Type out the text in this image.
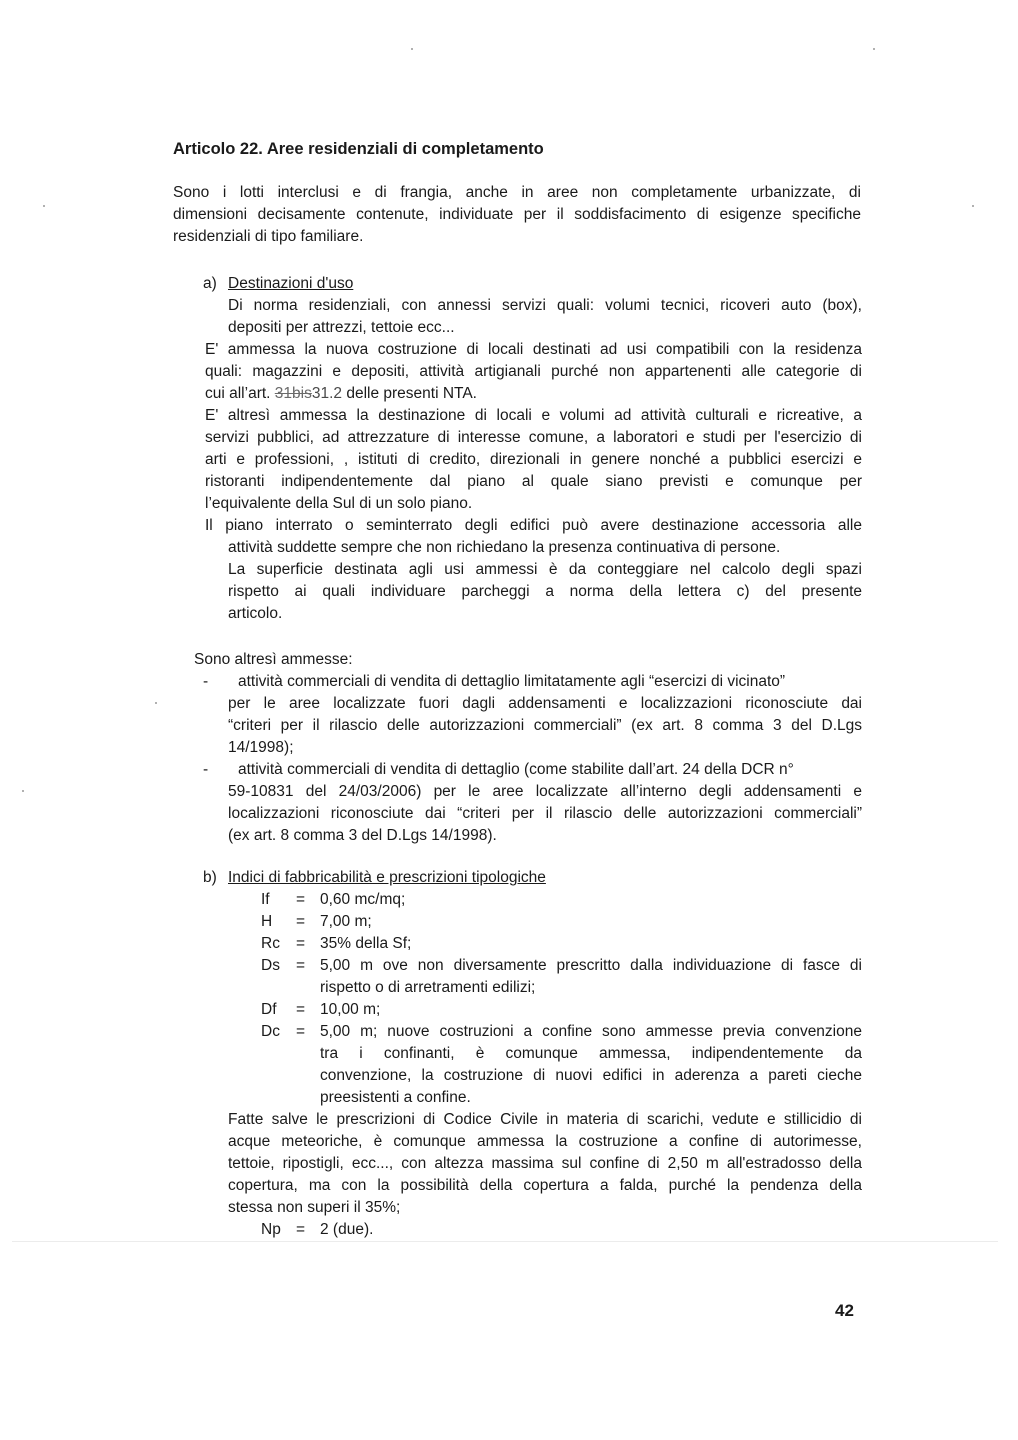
Articolo 22. Aree residenziali di completamento
Sono i lotti interclusi e di frangia, anche in aree non completamente urbanizzate, di
dimensioni decisamente contenute, individuate per il soddisfacimento di esigenze specifiche
residenziali di tipo familiare.
a) Destinazioni d'uso
Di norma residenziali, con annessi servizi quali: volumi tecnici, ricoveri auto (box),
depositi per attrezzi, tettoie ecc...
E' ammessa la nuova costruzione di locali destinati ad usi compatibili con la residenza
quali: magazzini e depositi, attività artigianali purché non appartenenti alle categorie di
cui all’art. 31bis31.2 delle presenti NTA.
E' altresì ammessa la destinazione di locali e volumi ad attività culturali e ricreative, a
servizi pubblici, ad attrezzature di interesse comune, a laboratori e studi per l'esercizio di
arti e professioni, , istituti di credito, direzionali in genere nonché a pubblici esercizi e
ristoranti indipendentemente dal piano al quale siano previsti e comunque per
l’equivalente della Sul di un solo piano.
Il piano interrato o seminterrato degli edifici può avere destinazione accessoria alle
attività suddette sempre che non richiedano la presenza continuativa di persone.
La superficie destinata agli usi ammessi è da conteggiare nel calcolo degli spazi
rispetto ai quali individuare parcheggi a norma della lettera c) del presente
articolo.
Sono altresì ammesse:
- attività commerciali di vendita di dettaglio limitatamente agli “esercizi di vicinato”
per le aree localizzate fuori dagli addensamenti e localizzazioni riconosciute dai
“criteri per il rilascio delle autorizzazioni commerciali” (ex art. 8 comma 3 del D.Lgs
14/1998);
- attività commerciali di vendita di dettaglio (come stabilite dall’art. 24 della DCR n°
59-10831 del 24/03/2006) per le aree localizzate all’interno degli addensamenti e
localizzazioni riconosciute dai “criteri per il rilascio delle autorizzazioni commerciali”
(ex art. 8 comma 3 del D.Lgs 14/1998).
b) Indici di fabbricabilità e prescrizioni tipologiche
If = 0,60 mc/mq;
H = 7,00 m;
Rc = 35% della Sf;
Ds = 5,00 m ove non diversamente prescritto dalla individuazione di fasce di
rispetto o di arretramenti edilizi;
Df = 10,00 m;
Dc = 5,00 m; nuove costruzioni a confine sono ammesse previa convenzione
tra i confinanti, è comunque ammessa, indipendentemente da
convenzione, la costruzione di nuovi edifici in aderenza a pareti cieche
preesistenti a confine.
Fatte salve le prescrizioni di Codice Civile in materia di scarichi, vedute e stillicidio di
acque meteoriche, è comunque ammessa la costruzione a confine di autorimesse,
tettoie, ripostigli, ecc..., con altezza massima sul confine di 2,50 m all'estradosso della
copertura, ma con la possibilità della copertura a falda, purché la pendenza della
stessa non superi il 35%;
Np = 2 (due).
42
